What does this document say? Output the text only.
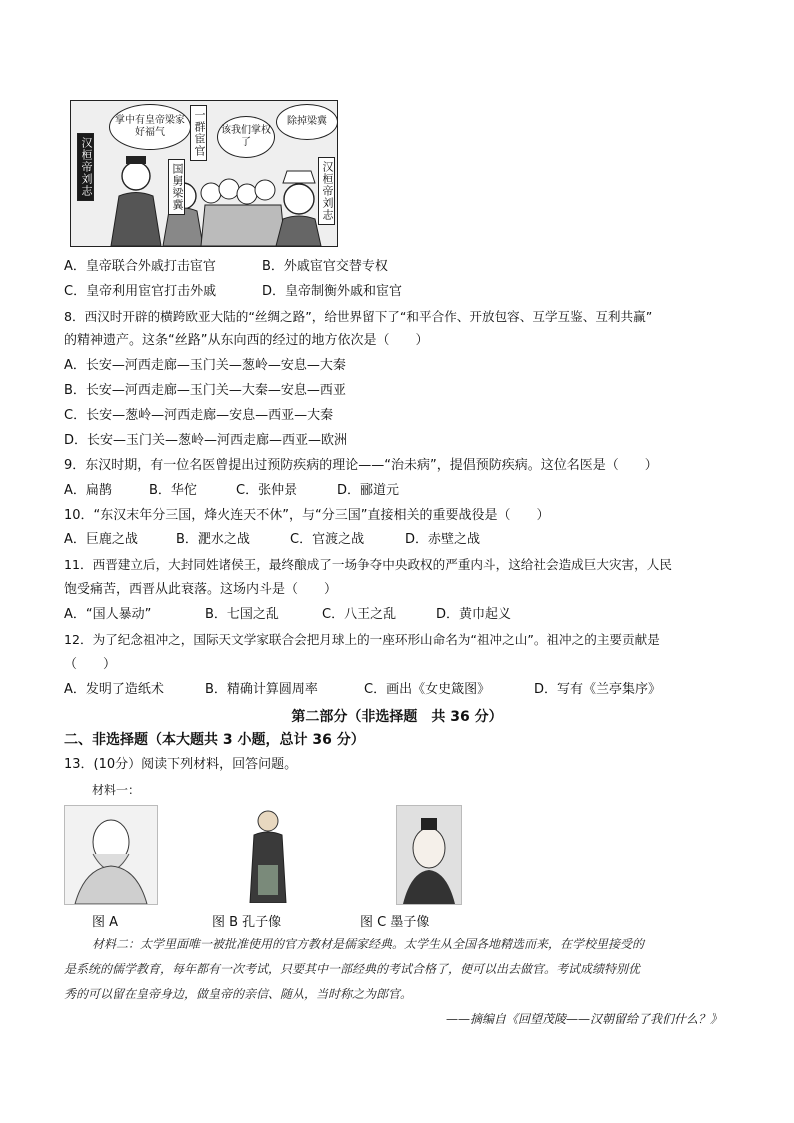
汉桓帝刘志	国舅梁冀
一群宦官
汉桓帝刘志
掌中有皇帝梁家好福气	该我们掌权了
除掉梁冀
A．皇帝联合外戚打击宦官	B．外戚宦官交替专权
C．皇帝利用宦官打击外戚	D．皇帝制衡外戚和宦官
8．西汉时开辟的横跨欧亚大陆的“丝绸之路”，给世界留下了“和平合作、开放包容、互学互鉴、互利共赢”
的精神遗产。这条“丝路”从东向西的经过的地方依次是（　　）
A．长安—河西走廊—玉门关—葱岭—安息—大秦
B．长安—河西走廊—玉门关—大秦—安息—西亚
C．长安—葱岭—河西走廊—安息—西亚—大秦
D．长安—玉门关—葱岭—河西走廊—西亚—欧洲
9．东汉时期，有一位名医曾提出过预防疾病的理论——“治未病”，提倡预防疾病。这位名医是（　　）
A．扁鹊	B．华佗	C．张仲景	D．郦道元
10．“东汉末年分三国，烽火连天不休”，与“分三国”直接相关的重要战役是（　　）
A．巨鹿之战	B．淝水之战	C．官渡之战	D．赤壁之战
11．西晋建立后，大封同姓诸侯王，最终酿成了一场争夺中央政权的严重内斗，这给社会造成巨大灾害，人民
饱受痛苦，西晋从此衰落。这场内斗是（　　）
A．“国人暴动”	B．七国之乱	C．八王之乱	D．黄巾起义
12．为了纪念祖冲之，国际天文学家联合会把月球上的一座环形山命名为“祖冲之山”。祖冲之的主要贡献是
（　　）
A．发明了造纸术	B．精确计算圆周率	C．画出《女史箴图》	D．写有《兰亭集序》
第二部分（非选择题　共 36 分）
二、非选择题（本大题共 3 小题，总计 36 分）
13．(10分）阅读下列材料，回答问题。
材料一：
图 A	图 B 孔子像	图 C 墨子像
材料二：太学里面唯一被批准使用的官方教材是儒家经典。太学生从全国各地精选而来，在学校里接受的
是系统的儒学教育，每年都有一次考试，只要其中一部经典的考试合格了，便可以出去做官。考试成绩特别优
秀的可以留在皇帝身边，做皇帝的亲信、随从，当时称之为郎官。
——摘编自《回望茂陵——汉朝留给了我们什么？》
